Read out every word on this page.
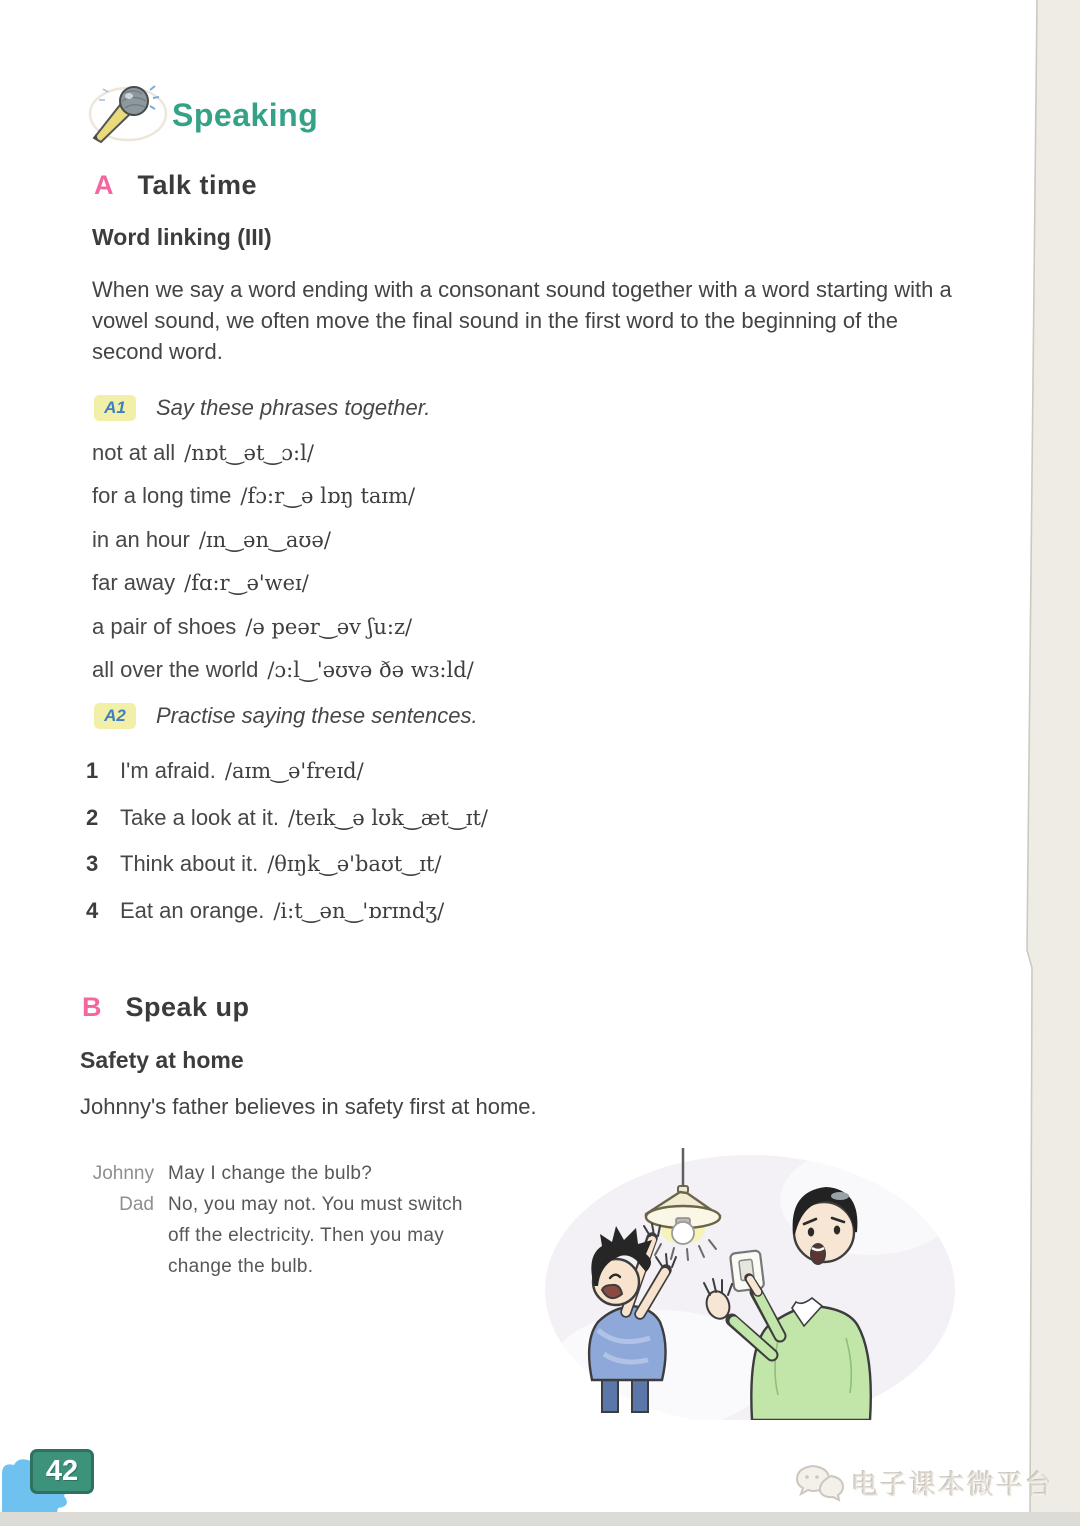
Speaking
A Talk time
Word linking (III)

When we say a word ending with a consonant sound together with a word starting with a vowel sound, we often move the final sound in the first word to the beginning of the second word.

A1	Say these phrases together.
not at all /nɒt‿ət‿ɔ:l/
for a long time /fɔ:r‿ə lɒŋ taɪm/
in an hour /ɪn‿ən‿aʊə/
far away /fɑ:r‿ə'weɪ/
a pair of shoes /ə peər‿əv ʃu:z/
all over the world /ɔ:l‿'əʊvə ðə wɜ:ld/
A2	Practise saying these sentences.
1 I'm afraid. /aɪm‿ə'freɪd/
2 Take a look at it. /teɪk‿ə lʊk‿æt‿ɪt/
3 Think about it. /θɪŋk‿ə'baʊt‿ɪt/
4 Eat an orange. /i:t‿ən‿'ɒrɪndʒ/
B Speak up
Safety at home

Johnny's father believes in safety first at home.

Johnny May I change the bulb?
Dad No, you may not. You must switch off the electricity. Then you may change the bulb.
42	电子课本微平台
